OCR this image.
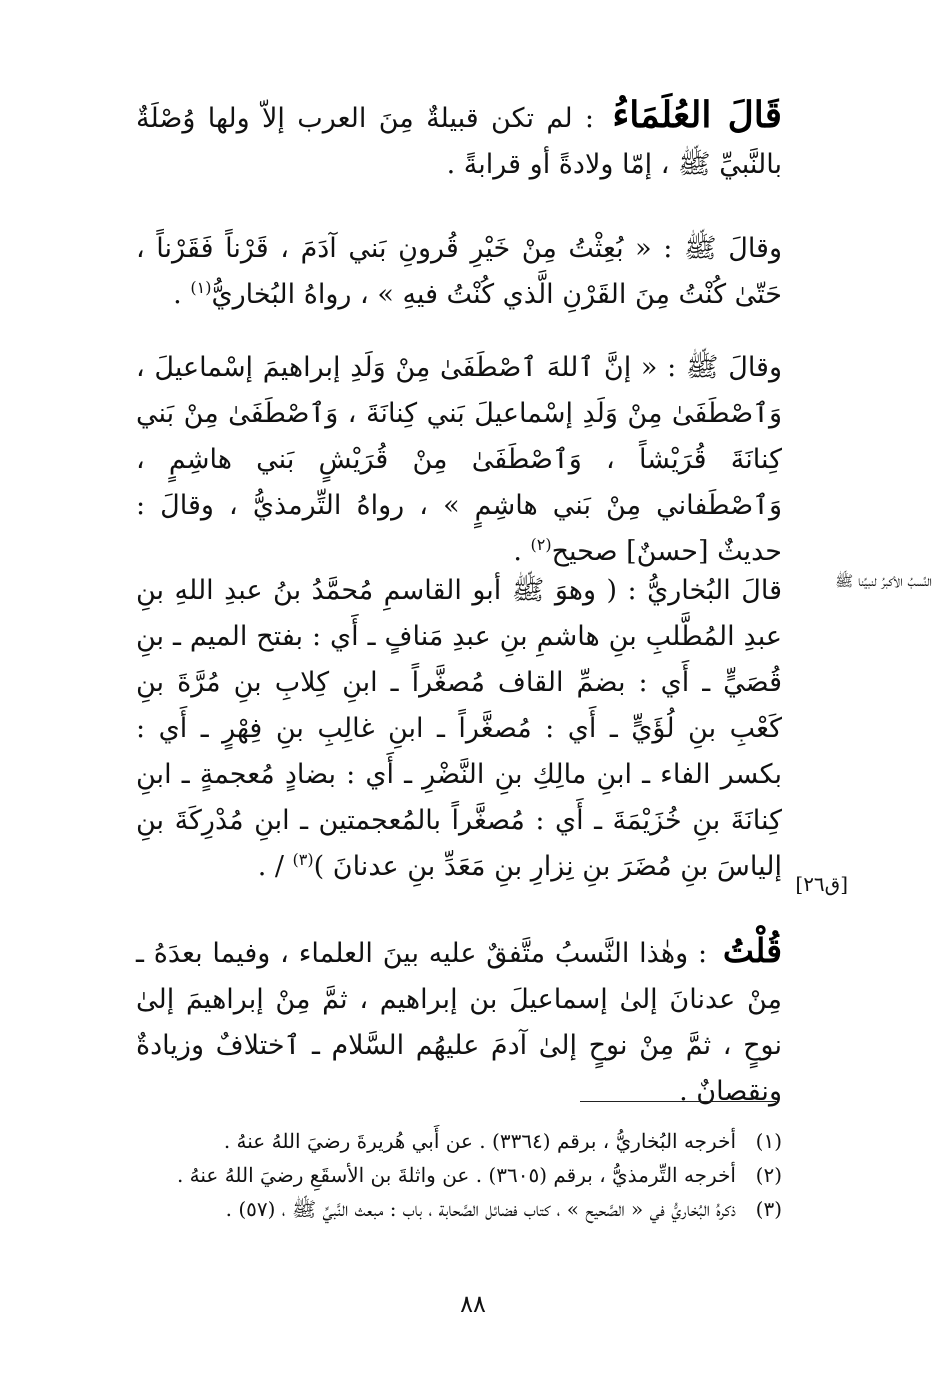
قَالَ العُلَمَاءُ : لم تكن قبيلةٌ مِنَ العرب إلاّ ولها وُصْلَةٌ بالنَّبيِّ ﷺ ، إمّا ولادةً أو قرابةً .

وقالَ ﷺ : « بُعِثْتُ مِنْ خَيْرِ قُرونِ بَني آدَمَ ، قَرْناً فَقَرْناً ، حَتّىٰ كُنْتُ مِنَ القَرْنِ الَّذي كُنْتُ فيهِ » ، رواهُ البُخاريُّ$^{(١)}$ .

وقالَ ﷺ : « إنَّ ٱللهَ ٱصْطَفَىٰ مِنْ وَلَدِ إبراهيمَ إسْماعيلَ ، وَٱصْطَفَىٰ مِنْ وَلَدِ إسْماعيلَ بَني كِنانَةَ ، وَٱصْطَفَىٰ مِنْ بَني كِنانَةَ قُرَيْشاً ، وَٱصْطَفَىٰ مِنْ قُرَيْشٍ بَني هاشِمٍ ، وَٱصْطَفاني مِنْ بَني هاشِمٍ » ، رواهُ التِّرمذيُّ ، وقالَ : حديثٌ [حسنٌ] صحيح$^{(٢)}$ .

قالَ البُخاريُّ : ( وهوَ ﷺ أبو القاسمِ مُحمَّدُ بنُ عبدِ اللهِ بنِ عبدِ المُطَّلبِ بنِ هاشمِ بنِ عبدِ مَنافٍ ـ أَي : بفتح الميم ـ بنِ قُصَيٍّ ـ أَي : بضمِّ القاف مُصغَّراً ـ ابنِ كِلابِ بنِ مُرَّةَ بنِ كَعْبِ بنِ لُؤَيٍّ ـ أَي : مُصغَّراً ـ ابنِ غالِبِ بنِ فِهْرٍ ـ أَي : بكسر الفاء ـ ابنِ مالِكِ بنِ النَّضْرِ ـ أَي : بضادٍ مُعجمةٍ ـ ابنِ كِنانَةَ بنِ خُزَيْمَةَ ـ أَي : مُصغَّراً بالمُعجمتين ـ ابنِ مُدْرِكَةَ بنِ إلياسَ بنِ مُضَرَ بنِ نِزارِ بنِ مَعَدِّ بنِ عدنانَ )$^{(٣)}$ / .

قُلْتُ : وهٰذا النَّسبُ متَّفقٌ عليه بينَ العلماء ، وفيما بعدَهُ ـ مِنْ عدنانَ إلىٰ إسماعيلَ بن إبراهيم ، ثمَّ مِنْ إبراهيمَ إلىٰ نوحٍ ، ثمَّ مِنْ نوحٍ إلىٰ آدمَ عليهُم السَّلام ـ ٱختلافٌ وزيادةٌ ونقصانٌ .

النَّسبُ الأكبرُ لنبيِّنا ﷺ
[ق٢٦]

(١)
أخرجه البُخاريُّ ، برقم (٣٣٦٤) . عن أَبي هُريرةَ رضيَ اللهُ عنهُ .

(٢)
أخرجه التِّرمذيُّ ، برقم (٣٦٠٥) . عن واثلةَ بن الأسقَعِ رضيَ اللهُ عنهُ .

(٣)
ذكرهُ البُخاريُّ في « الصَّحيح » ، كتاب فضائل الصَّحابة ، باب : مبعث النَّبيِّ ﷺ ، (٥٧) .

٨٨
